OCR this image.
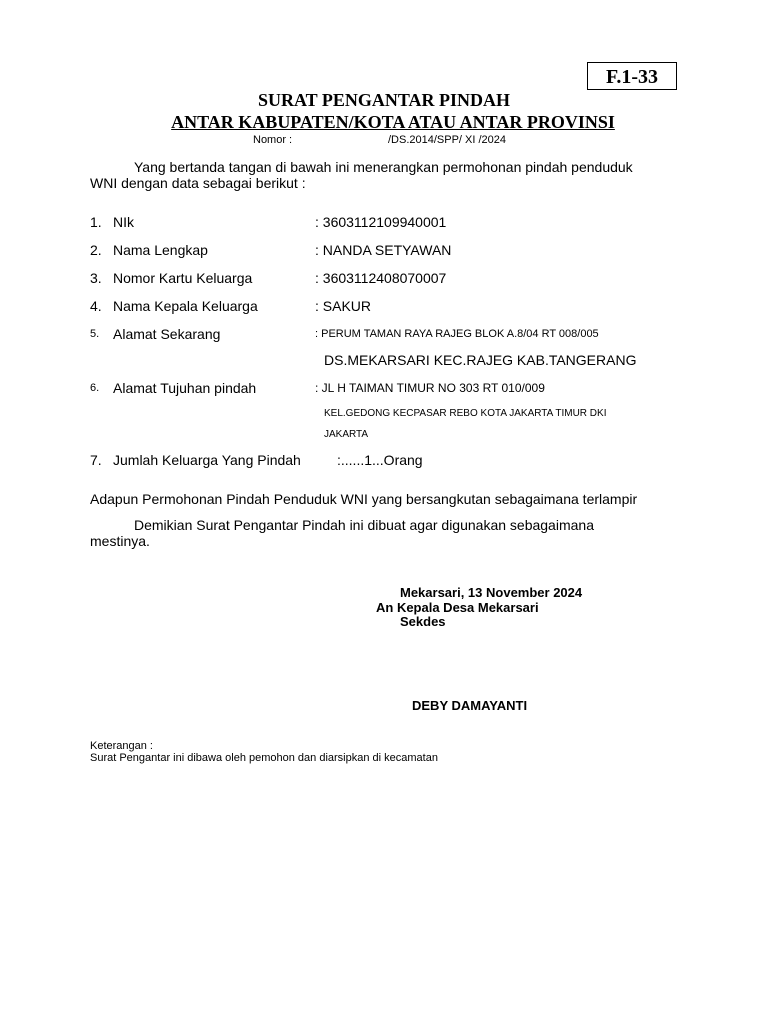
F.1-33
SURAT PENGANTAR PINDAH
ANTAR KABUPATEN/KOTA ATAU ANTAR PROVINSI
Nomor :	/DS.2014/SPP/ XI /2024
Yang bertanda tangan di bawah ini menerangkan permohonan pindah penduduk
WNI dengan data sebagai berikut :
1. NIk	: 3603112109940001
2. Nama Lengkap	: NANDA SETYAWAN
3. Nomor Kartu Keluarga	: 3603112408070007
4. Nama Kepala Keluarga	: SAKUR
5. Alamat Sekarang	: PERUM TAMAN RAYA RAJEG BLOK A.8/04 RT 008/005
DS.MEKARSARI KEC.RAJEG KAB.TANGERANG
6. Alamat Tujuhan pindah	: JL H TAIMAN TIMUR NO 303 RT 010/009
KEL.GEDONG KECPASAR REBO KOTA JAKARTA TIMUR DKI
JAKARTA
7. Jumlah Keluarga Yang Pindah	:......1...Orang
Adapun Permohonan Pindah Penduduk WNI yang bersangkutan sebagaimana terlampir
Demikian Surat Pengantar Pindah ini dibuat agar digunakan sebagaimana
mestinya.
Mekarsari, 13 November 2024
An Kepala Desa Mekarsari
Sekdes
DEBY DAMAYANTI
Keterangan :
Surat Pengantar ini dibawa oleh pemohon dan diarsipkan di kecamatan
